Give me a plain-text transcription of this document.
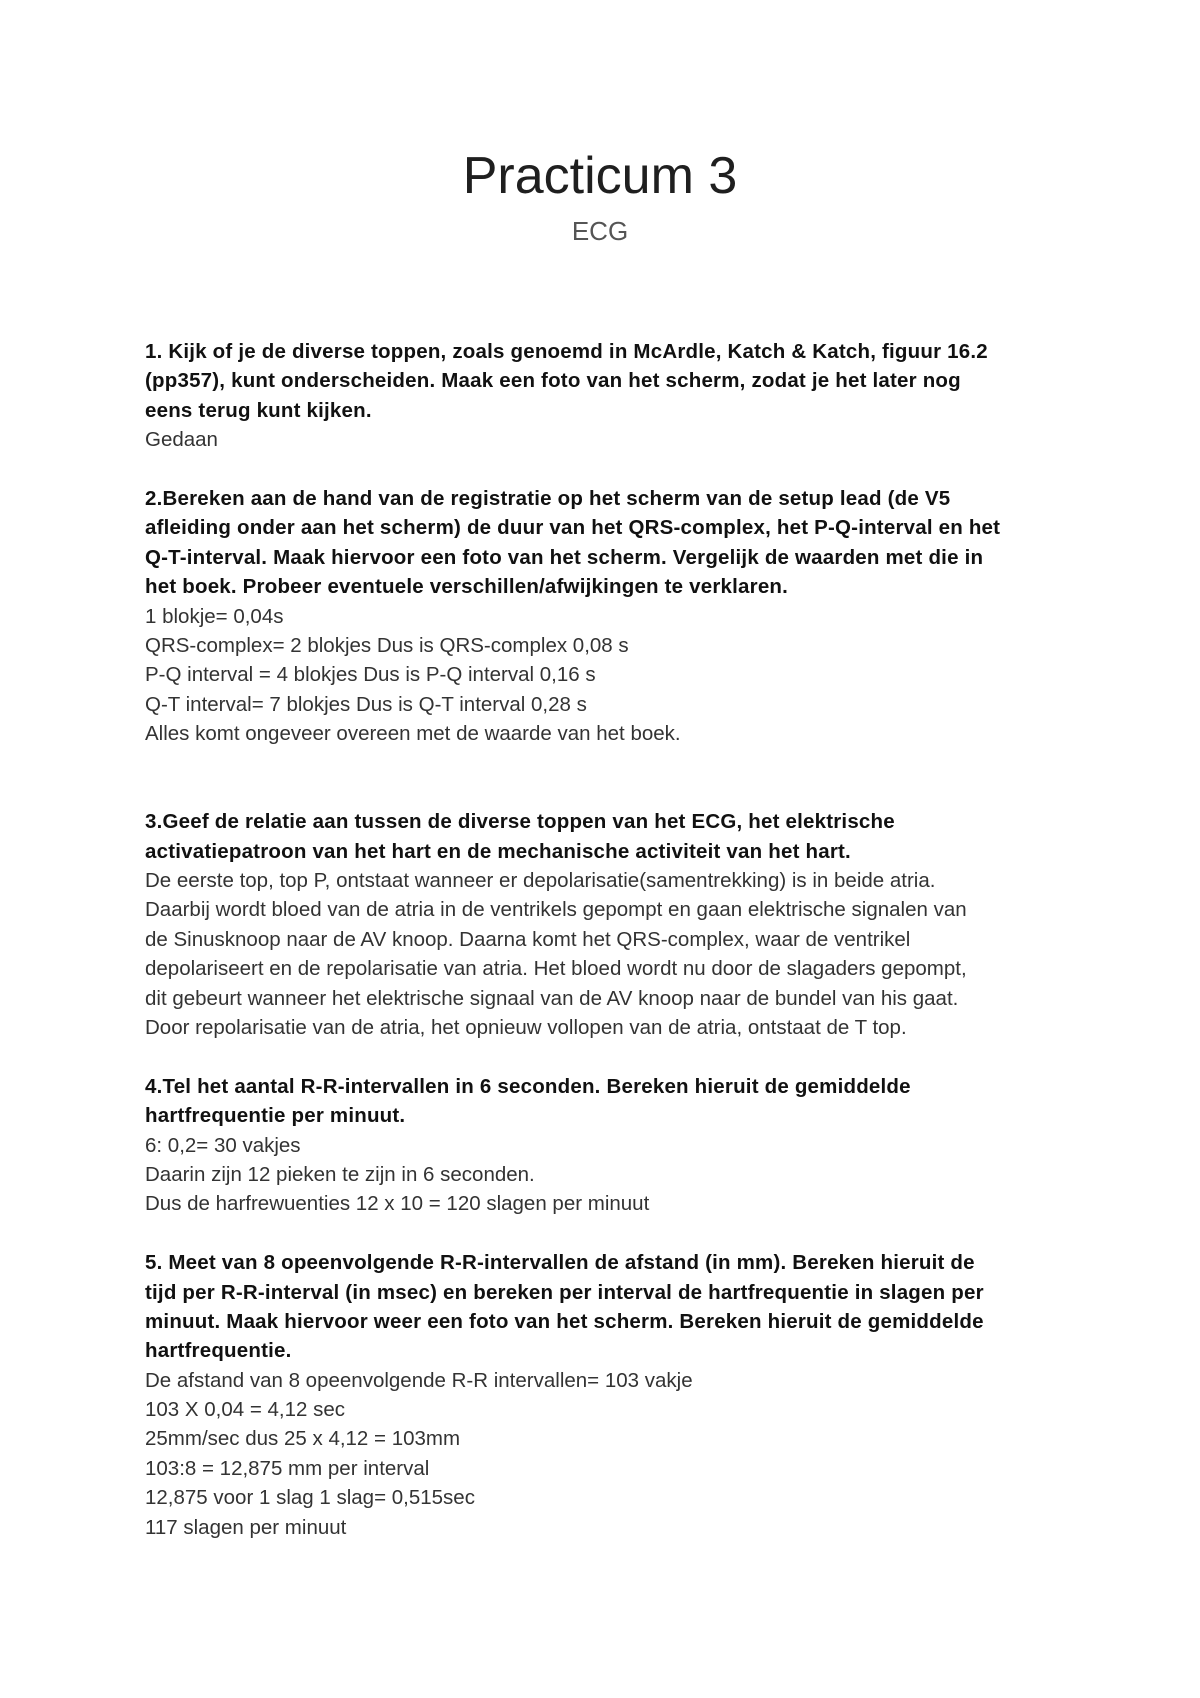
Practicum 3
ECG
1. Kijk of je de diverse toppen, zoals genoemd in McArdle, Katch & Katch, figuur 16.2
(pp357), kunt onderscheiden. Maak een foto van het scherm, zodat je het later nog
eens terug kunt kijken.
Gedaan
2.Bereken aan de hand van de registratie op het scherm van de setup lead (de V5
afleiding onder aan het scherm) de duur van het QRS-complex, het P-Q-interval en het
Q-T-interval. Maak hiervoor een foto van het scherm. Vergelijk de waarden met die in
het boek. Probeer eventuele verschillen/afwijkingen te verklaren.
1 blokje= 0,04s
QRS-complex= 2 blokjes Dus is QRS-complex 0,08 s
P-Q interval = 4 blokjes Dus is P-Q interval 0,16 s
Q-T interval= 7 blokjes Dus is Q-T interval 0,28 s
Alles komt ongeveer overeen met de waarde van het boek.
3.Geef de relatie aan tussen de diverse toppen van het ECG, het elektrische
activatiepatroon van het hart en de mechanische activiteit van het hart.
De eerste top, top P, ontstaat wanneer er depolarisatie(samentrekking) is in beide atria.
Daarbij wordt bloed van de atria in de ventrikels gepompt en gaan elektrische signalen van
de Sinusknoop naar de AV knoop. Daarna komt het QRS-complex, waar de ventrikel
depolariseert en de repolarisatie van atria. Het bloed wordt nu door de slagaders gepompt,
dit gebeurt wanneer het elektrische signaal van de AV knoop naar de bundel van his gaat.
Door repolarisatie van de atria, het opnieuw vollopen van de atria, ontstaat de T top.
4.Tel het aantal R-R-intervallen in 6 seconden. Bereken hieruit de gemiddelde
hartfrequentie per minuut.
6: 0,2= 30 vakjes
Daarin zijn 12 pieken te zijn in 6 seconden.
Dus de harfrewuenties 12 x 10 = 120 slagen per minuut
5. Meet van 8 opeenvolgende R-R-intervallen de afstand (in mm). Bereken hieruit de
tijd per R-R-interval (in msec) en bereken per interval de hartfrequentie in slagen per
minuut. Maak hiervoor weer een foto van het scherm. Bereken hieruit de gemiddelde
hartfrequentie.
De afstand van 8 opeenvolgende R-R intervallen= 103 vakje
103 X 0,04 = 4,12 sec
25mm/sec dus 25 x 4,12 = 103mm
103:8 = 12,875 mm per interval
12,875 voor 1 slag 1 slag= 0,515sec
117 slagen per minuut
